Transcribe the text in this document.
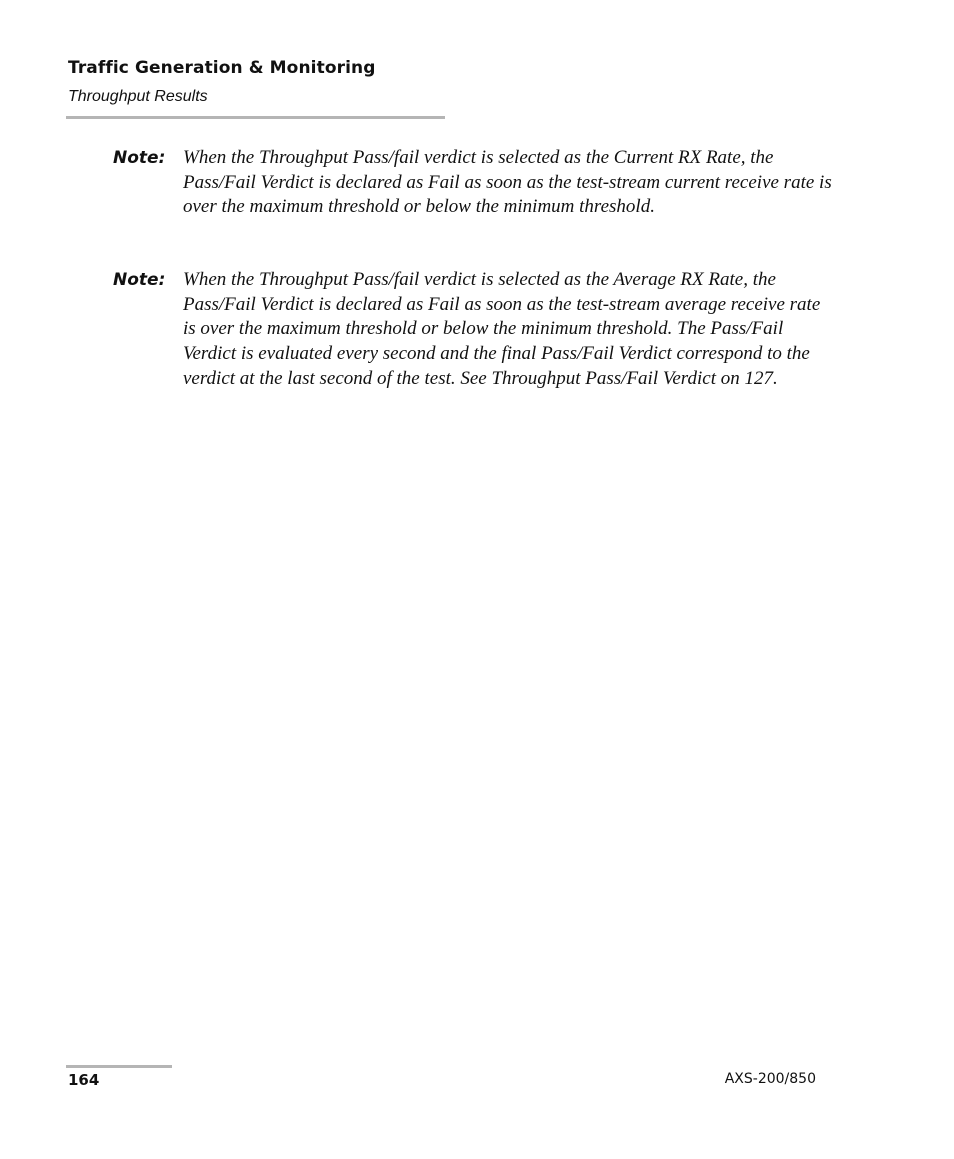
Traffic Generation & Monitoring
Throughput Results
Note: When the Throughput Pass/fail verdict is selected as the Current RX Rate, the Pass/Fail Verdict is declared as Fail as soon as the test-stream current receive rate is over the maximum threshold or below the minimum threshold.
Note: When the Throughput Pass/fail verdict is selected as the Average RX Rate, the Pass/Fail Verdict is declared as Fail as soon as the test-stream average receive rate is over the maximum threshold or below the minimum threshold. The Pass/Fail Verdict is evaluated every second and the final Pass/Fail Verdict correspond to the verdict at the last second of the test. See Throughput Pass/Fail Verdict on 127.
164	AXS-200/850
